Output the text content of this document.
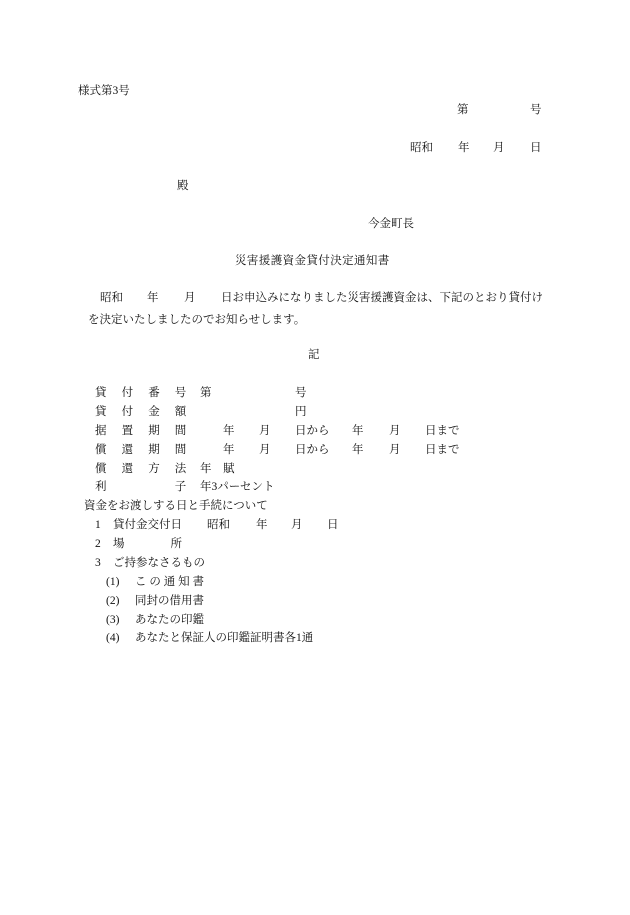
様式第3号
第	号
昭和 年 月 日
殿
今金町長
災害援護資金貸付決定通知書
昭和 年 月 日お申込みになりました災害援護資金は、下記のとおり貸付け
を決定いたしましたのでお知らせします。
記
貸　付　番　号 第	号
貸　付　金　額	円
据　置　期　間	年 月 日から 年 月 日まで
償　還　期　間	年 月 日から 年 月 日まで
償　還　方　法 年　賦
利　　　　　子 年3パーセント
資金をお渡しする日と手続について
1 貸付金交付日 昭和 年 月 日
2 場　　　　所
3 ご持参なさるもの
(1) こ の 通 知 書
(2) 同封の借用書
(3) あなたの印鑑
(4) あなたと保証人の印鑑証明書各1通
